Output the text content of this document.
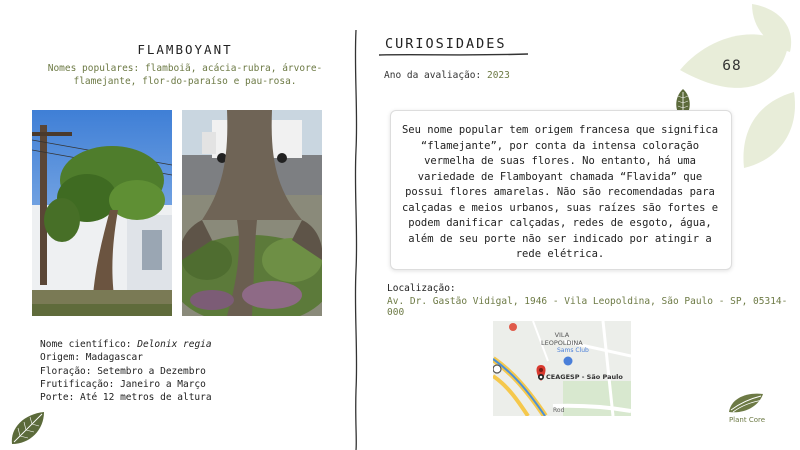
68
FLAMBOYANT
Nomes populares: flamboiã, acácia-rubra, árvore-
flamejante, flor-do-paraíso e pau-rosa.
Nome científico: Delonix regia
Origem: Madagascar
Floração: Setembro a Dezembro
Frutificação: Janeiro a Março
Porte: Até 12 metros de altura
CURIOSIDADES
Ano da avaliação: 2023
Seu nome popular tem origem francesa que significa “flamejante”, por conta da intensa coloração vermelha de suas flores. No entanto, há uma variedade de Flamboyant chamada “Flavida” que possui flores amarelas. Não são recomendadas para calçadas e meios urbanos, suas raízes são fortes e podem danificar calçadas, redes de esgoto, água, além de seu porte não ser indicado por atingir a rede elétrica.
Localização:
Av. Dr. Gastão Vidigal, 1946 - Vila Leopoldina, São Paulo - SP, 05314-000
VILA
LEOPOLDINA
Sams Club
CEAGESP - São Paulo
Rod
Plant Core
